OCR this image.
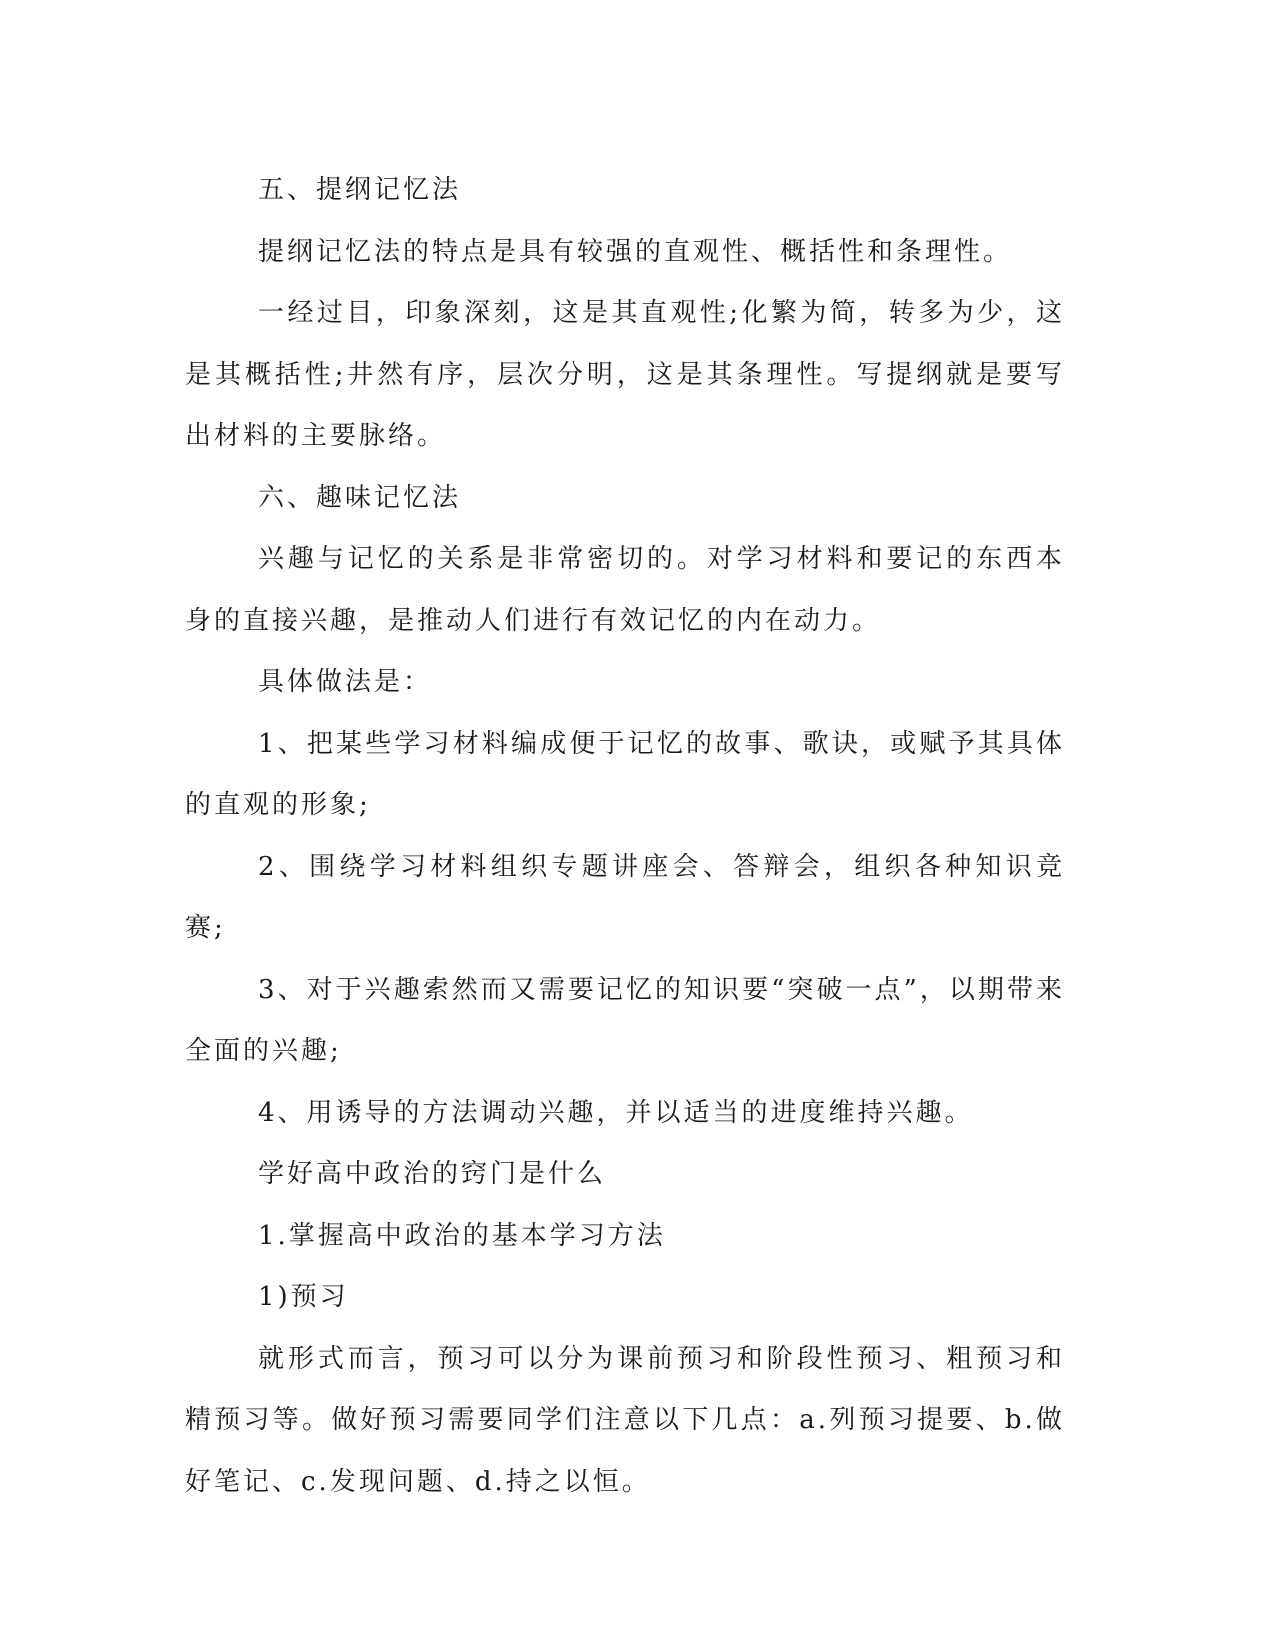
五、提纲记忆法

提纲记忆法的特点是具有较强的直观性、概括性和条理性。

一经过目，印象深刻，这是其直观性;化繁为简，转多为少，这是其概括性;井然有序，层次分明，这是其条理性。写提纲就是要写出材料的主要脉络。

六、趣味记忆法

兴趣与记忆的关系是非常密切的。对学习材料和要记的东西本身的直接兴趣，是推动人们进行有效记忆的内在动力。

具体做法是：

1、把某些学习材料编成便于记忆的故事、歌诀，或赋予其具体的直观的形象;

2、围绕学习材料组织专题讲座会、答辩会，组织各种知识竞赛;

3、对于兴趣索然而又需要记忆的知识要“突破一点”，以期带来全面的兴趣;

4、用诱导的方法调动兴趣，并以适当的进度维持兴趣。

学好高中政治的窍门是什么

1.掌握高中政治的基本学习方法

1)预习

就形式而言，预习可以分为课前预习和阶段性预习、粗预习和精预习等。做好预习需要同学们注意以下几点：a.列预习提要、b.做好笔记、c.发现问题、d.持之以恒。
